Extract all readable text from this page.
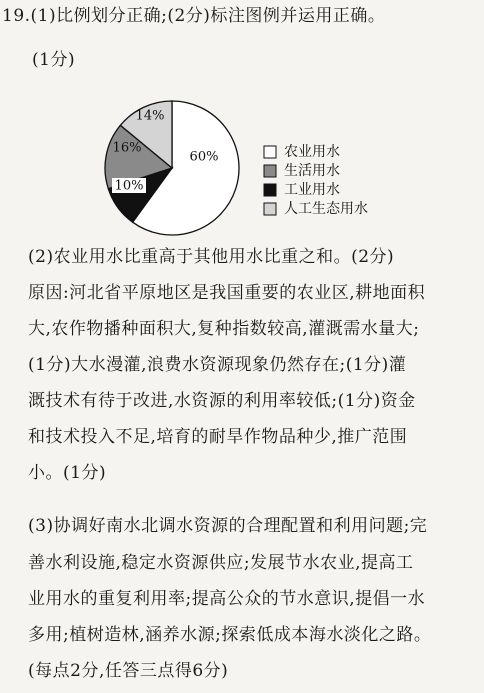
19.(1)比例划分正确;(2分)标注图例并运用正确。
(1分)
60%
10%
16%
14%
农业用水
生活用水
工业用水
人工生态用水
(2)农业用水比重高于其他用水比重之和。(2分)
原因:河北省平原地区是我国重要的农业区,耕地面积
大,农作物播种面积大,复种指数较高,灌溉需水量大;
(1分)大水漫灌,浪费水资源现象仍然存在;(1分)灌
溉技术有待于改进,水资源的利用率较低;(1分)资金
和技术投入不足,培育的耐旱作物品种少,推广范围
小。(1分)
(3)协调好南水北调水资源的合理配置和利用问题;完
善水利设施,稳定水资源供应;发展节水农业,提高工
业用水的重复利用率;提高公众的节水意识,提倡一水
多用;植树造林,涵养水源;探索低成本海水淡化之路。
(每点2分,任答三点得6分)
